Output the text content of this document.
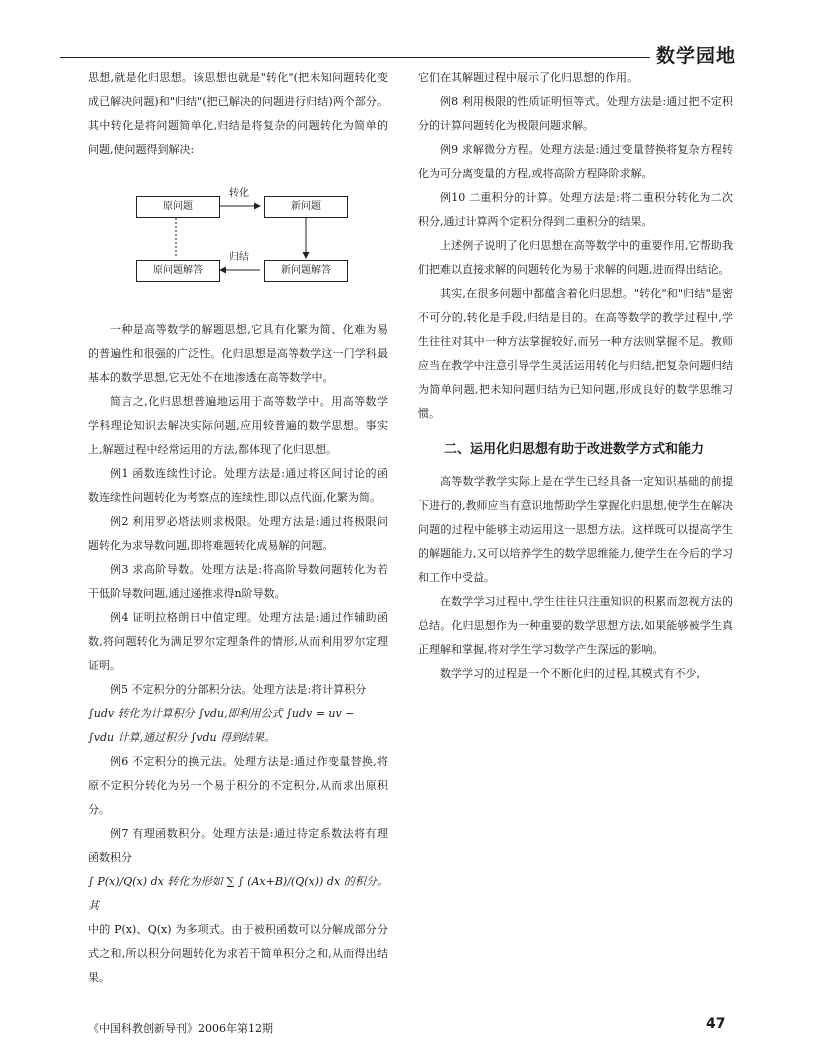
数学园地

思想,就是化归思想。该思想也就是"转化"(把未知问题转化变成已解决问题)和"归结"(把已解决的问题进行归结)两个部分。其中转化是将问题简单化,归结是将复杂的问题转化为简单的问题,使问题得到解决:

原问题	新问题
原问题解答	新问题解答
转化
归结

一种是高等数学的解题思想,它具有化繁为简、化难为易的普遍性和很强的广泛性。化归思想是高等数学这一门学科最基本的数学思想,它无处不在地渗透在高等数学中。

简言之,化归思想普遍地运用于高等数学中。用高等数学学科理论知识去解决实际问题,应用较普遍的数学思想。事实上,解题过程中经常运用的方法,都体现了化归思想。

例1 函数连续性讨论。处理方法是:通过将区间讨论的函数连续性问题转化为考察点的连续性,即以点代面,化繁为简。

例2 利用罗必塔法则求极限。处理方法是:通过将极限问题转化为求导数问题,即将难题转化成易解的问题。

例3 求高阶导数。处理方法是:将高阶导数问题转化为若干低阶导数问题,通过递推求得n阶导数。

例4 证明拉格朗日中值定理。处理方法是:通过作辅助函数,将问题转化为满足罗尔定理条件的情形,从而利用罗尔定理证明。

例5 不定积分的分部积分法。处理方法是:将计算积分

∫udv 转化为计算积分 ∫vdu,即利用公式 ∫udv = uv −

∫vdu 计算,通过积分 ∫vdu 得到结果。

例6 不定积分的换元法。处理方法是:通过作变量替换,将原不定积分转化为另一个易于积分的不定积分,从而求出原积分。

例7 有理函数积分。处理方法是:通过待定系数法将有理函数积分

∫ P(x)/Q(x) dx 转化为形如 ∑ ∫ (Ax+B)/(Q(x)) dx 的积分。其

中的 P(x)、Q(x) 为多项式。由于被积函数可以分解成部分分式之和,所以积分问题转化为求若干简单积分之和,从而得出结果。

它们在其解题过程中展示了化归思想的作用。

例8 利用极限的性质证明恒等式。处理方法是:通过把不定积分的计算问题转化为极限问题求解。

例9 求解微分方程。处理方法是:通过变量替换将复杂方程转化为可分离变量的方程,或将高阶方程降阶求解。

例10 二重积分的计算。处理方法是:将二重积分转化为二次积分,通过计算两个定积分得到二重积分的结果。

上述例子说明了化归思想在高等数学中的重要作用,它帮助我们把难以直接求解的问题转化为易于求解的问题,进而得出结论。

其实,在很多问题中都蕴含着化归思想。"转化"和"归结"是密不可分的,转化是手段,归结是目的。在高等数学的教学过程中,学生往往对其中一种方法掌握较好,而另一种方法则掌握不足。教师应当在教学中注意引导学生灵活运用转化与归结,把复杂问题归结为简单问题,把未知问题归结为已知问题,形成良好的数学思维习惯。

二、运用化归思想有助于改进数学方式和能力

高等数学教学实际上是在学生已经具备一定知识基础的前提下进行的,教师应当有意识地帮助学生掌握化归思想,使学生在解决问题的过程中能够主动运用这一思想方法。这样既可以提高学生的解题能力,又可以培养学生的数学思维能力,使学生在今后的学习和工作中受益。

在数学学习过程中,学生往往只注重知识的积累而忽视方法的总结。化归思想作为一种重要的数学思想方法,如果能够被学生真正理解和掌握,将对学生学习数学产生深远的影响。

数学学习的过程是一个不断化归的过程,其模式有不少,

《中国科教创新导刊》2006年第12期	47
